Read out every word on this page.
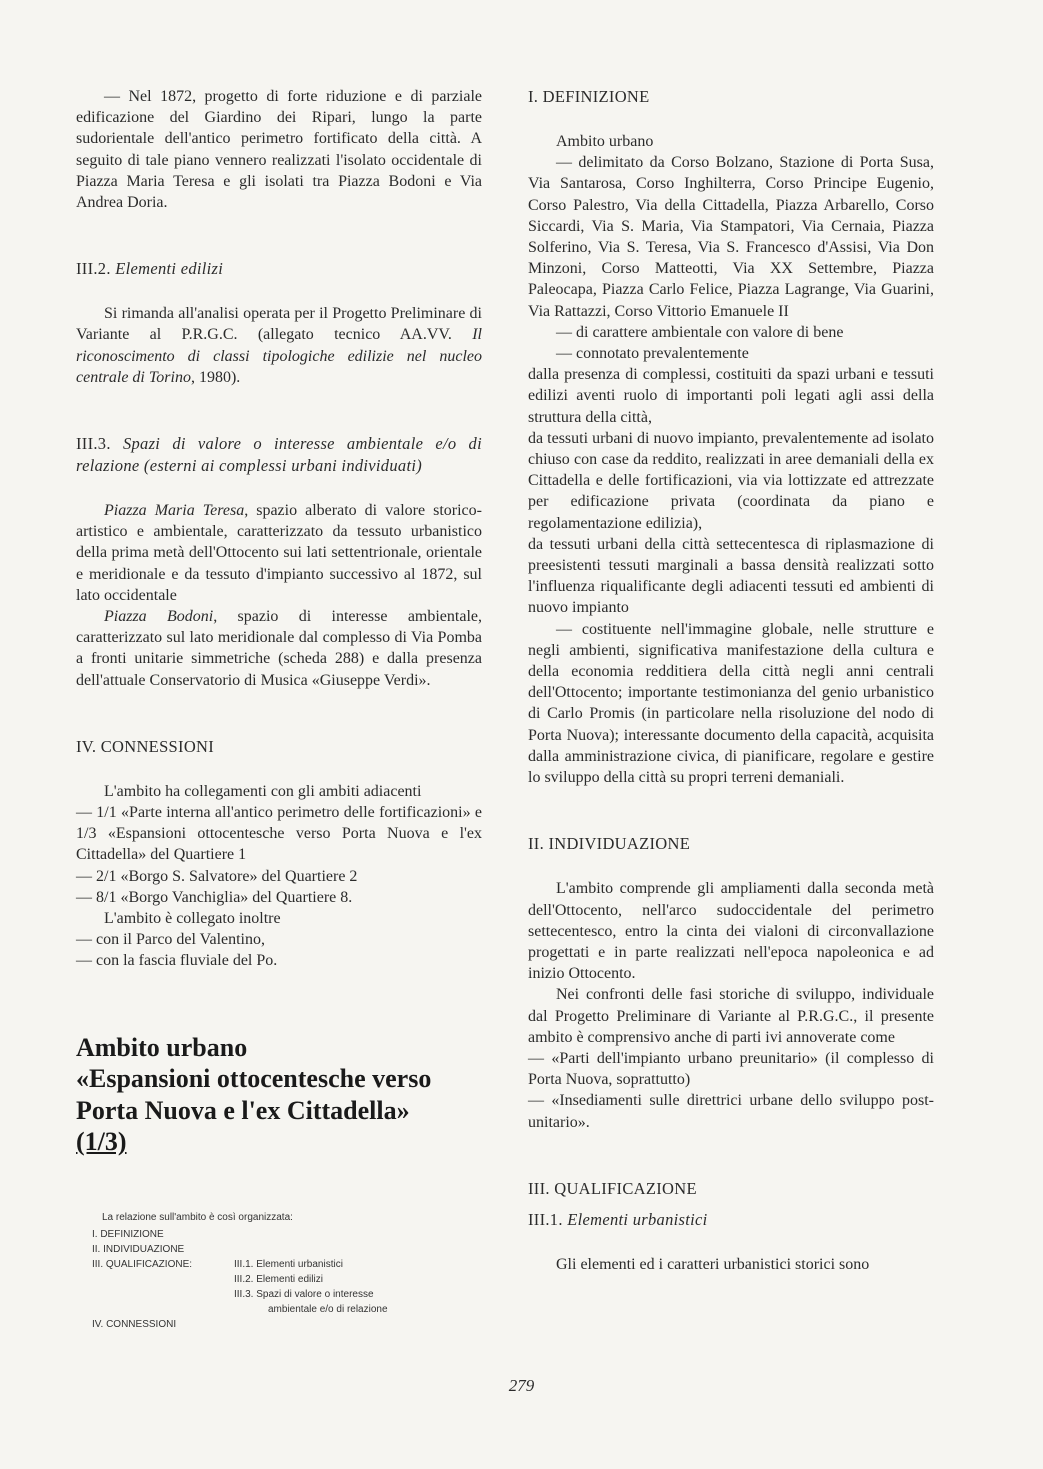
— Nel 1872, progetto di forte riduzione e di parziale edificazione del Giardino dei Ripari, lungo la parte sudorientale dell'antico perimetro fortificato della città. A seguito di tale piano vennero realizzati l'isolato occidentale di Piazza Maria Teresa e gli isolati tra Piazza Bodoni e Via Andrea Doria.

III.2. Elementi edilizi

Si rimanda all'analisi operata per il Progetto Preliminare di Variante al P.R.G.C. (allegato tecnico AA.VV. Il riconoscimento di classi tipologiche edilizie nel nucleo centrale di Torino, 1980).

III.3. Spazi di valore o interesse ambientale e/o di relazione (esterni ai complessi urbani individuati)

Piazza Maria Teresa, spazio alberato di valore storico-artistico e ambientale, caratterizzato da tessuto urbanistico della prima metà dell'Ottocento sui lati settentrionale, orientale e meridionale e da tessuto d'impianto successivo al 1872, sul lato occidentale

Piazza Bodoni, spazio di interesse ambientale, caratterizzato sul lato meridionale dal complesso di Via Pomba a fronti unitarie simmetriche (scheda 288) e dalla presenza dell'attuale Conservatorio di Musica «Giuseppe Verdi».

IV. CONNESSIONI

L'ambito ha collegamenti con gli ambiti adiacenti

— 1/1 «Parte interna all'antico perimetro delle fortificazioni» e 1/3 «Espansioni ottocentesche verso Porta Nuova e l'ex Cittadella» del Quartiere 1

— 2/1 «Borgo S. Salvatore» del Quartiere 2

— 8/1 «Borgo Vanchiglia» del Quartiere 8.

L'ambito è collegato inoltre

— con il Parco del Valentino,

— con la fascia fluviale del Po.

Ambito urbano
«Espansioni ottocentesche verso
Porta Nuova e l'ex Cittadella»
(1/3)
La relazione sull'ambito è così organizzata:
I. DEFINIZIONE
II. INDIVIDUAZIONE
III. QUALIFICAZIONE:	III.1. Elementi urbanistici
III.2. Elementi edilizi
III.3. Spazi di valore o interesse
ambientale e/o di relazione
IV. CONNESSIONI

I. DEFINIZIONE

Ambito urbano

— delimitato da Corso Bolzano, Stazione di Porta Susa, Via Santarosa, Corso Inghilterra, Corso Principe Eugenio, Corso Palestro, Via della Cittadella, Piazza Arbarello, Corso Siccardi, Via S. Maria, Via Stampatori, Via Cernaia, Piazza Solferino, Via S. Teresa, Via S. Francesco d'Assisi, Via Don Minzoni, Corso Matteotti, Via XX Settembre, Piazza Paleocapa, Piazza Carlo Felice, Piazza Lagrange, Via Guarini, Via Rattazzi, Corso Vittorio Emanuele II

— di carattere ambientale con valore di bene

— connotato prevalentemente

dalla presenza di complessi, costituiti da spazi urbani e tessuti edilizi aventi ruolo di importanti poli legati agli assi della struttura della città,

da tessuti urbani di nuovo impianto, prevalentemente ad isolato chiuso con case da reddito, realizzati in aree demaniali della ex Cittadella e delle fortificazioni, via via lottizzate ed attrezzate per edificazione privata (coordinata da piano e regolamentazione edilizia),

da tessuti urbani della città settecentesca di riplasmazione di preesistenti tessuti marginali a bassa densità realizzati sotto l'influenza riqualificante degli adiacenti tessuti ed ambienti di nuovo impianto

— costituente nell'immagine globale, nelle strutture e negli ambienti, significativa manifestazione della cultura e della economia redditiera della città negli anni centrali dell'Ottocento; importante testimonianza del genio urbanistico di Carlo Promis (in particolare nella risoluzione del nodo di Porta Nuova); interessante documento della capacità, acquisita dalla amministrazione civica, di pianificare, regolare e gestire lo sviluppo della città su propri terreni demaniali.

II. INDIVIDUAZIONE

L'ambito comprende gli ampliamenti dalla seconda metà dell'Ottocento, nell'arco sudoccidentale del perimetro settecentesco, entro la cinta dei vialoni di circonvallazione progettati e in parte realizzati nell'epoca napoleonica e ad inizio Ottocento.

Nei confronti delle fasi storiche di sviluppo, individuale dal Progetto Preliminare di Variante al P.R.G.C., il presente ambito è comprensivo anche di parti ivi annoverate come

— «Parti dell'impianto urbano preunitario» (il complesso di Porta Nuova, soprattutto)

— «Insediamenti sulle direttrici urbane dello sviluppo post-unitario».

III. QUALIFICAZIONE

III.1. Elementi urbanistici

Gli elementi ed i caratteri urbanistici storici sono

279
